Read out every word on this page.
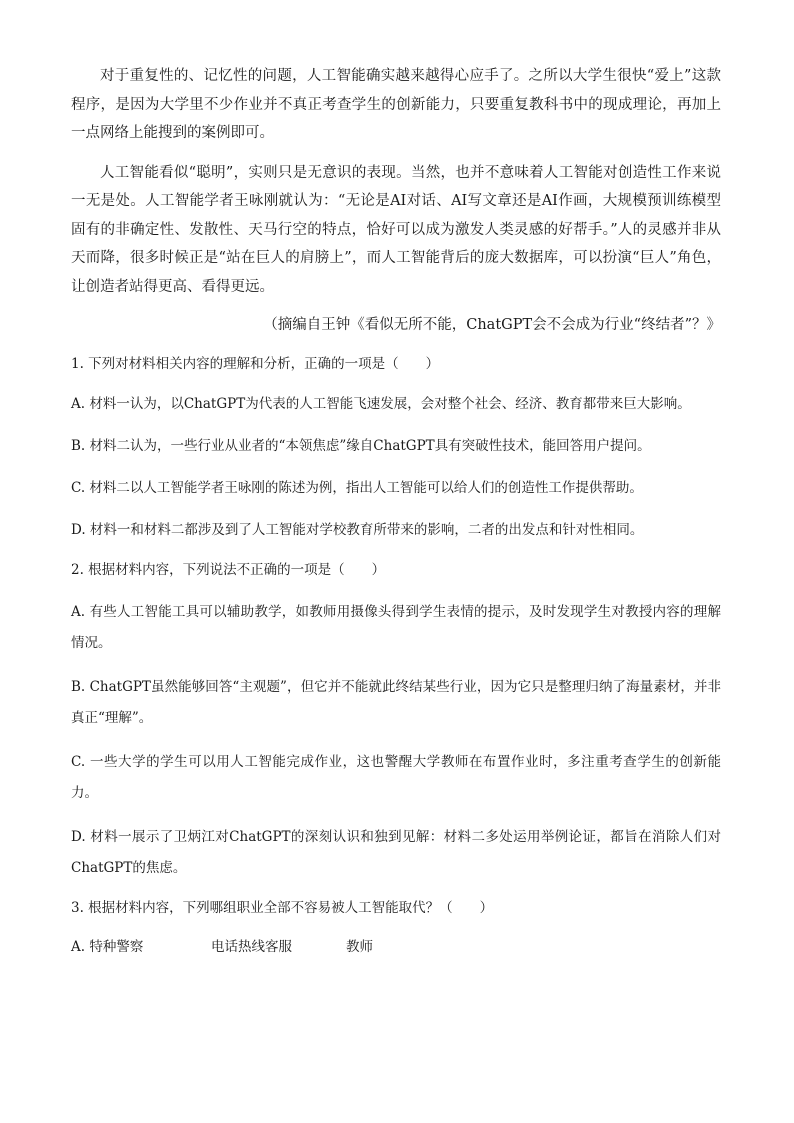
对于重复性的、记忆性的问题，人工智能确实越来越得心应手了。之所以大学生很快“爱上”这款程序，是因为大学里不少作业并不真正考查学生的创新能力，只要重复教科书中的现成理论，再加上一点网络上能搜到的案例即可。

人工智能看似“聪明”，实则只是无意识的表现。当然，也并不意味着人工智能对创造性工作来说一无是处。人工智能学者王咏刚就认为：“无论是AI对话、AI写文章还是AI作画，大规模预训练模型固有的非确定性、发散性、天马行空的特点，恰好可以成为激发人类灵感的好帮手。”人的灵感并非从天而降，很多时候正是“站在巨人的肩膀上”，而人工智能背后的庞大数据库，可以扮演“巨人”角色，让创造者站得更高、看得更远。

（摘编自王钟《看似无所不能，ChatGPT会不会成为行业“终结者”？》

1. 下列对材料相关内容的理解和分析，正确的一项是（　　）

A. 材料一认为，以ChatGPT为代表的人工智能飞速发展，会对整个社会、经济、教育都带来巨大影响。

B. 材料二认为，一些行业从业者的“本领焦虑”缘自ChatGPT具有突破性技术，能回答用户提问。

C. 材料二以人工智能学者王咏刚的陈述为例，指出人工智能可以给人们的创造性工作提供帮助。

D. 材料一和材料二都涉及到了人工智能对学校教育所带来的影响，二者的出发点和针对性相同。

2. 根据材料内容，下列说法不正确的一项是（　　）

A. 有些人工智能工具可以辅助教学，如教师用摄像头得到学生表情的提示，及时发现学生对教授内容的理解情况。

B. ChatGPT虽然能够回答“主观题”，但它并不能就此终结某些行业，因为它只是整理归纳了海量素材，并非真正“理解”。

C. 一些大学的学生可以用人工智能完成作业，这也警醒大学教师在布置作业时，多注重考查学生的创新能力。

D. 材料一展示了卫炳江对ChatGPT的深刻认识和独到见解：材料二多处运用举例论证，都旨在消除人们对ChatGPT的焦虑。

3. 根据材料内容，下列哪组职业全部不容易被人工智能取代？（　　）

A. 特种警察	电话热线客服	教师
